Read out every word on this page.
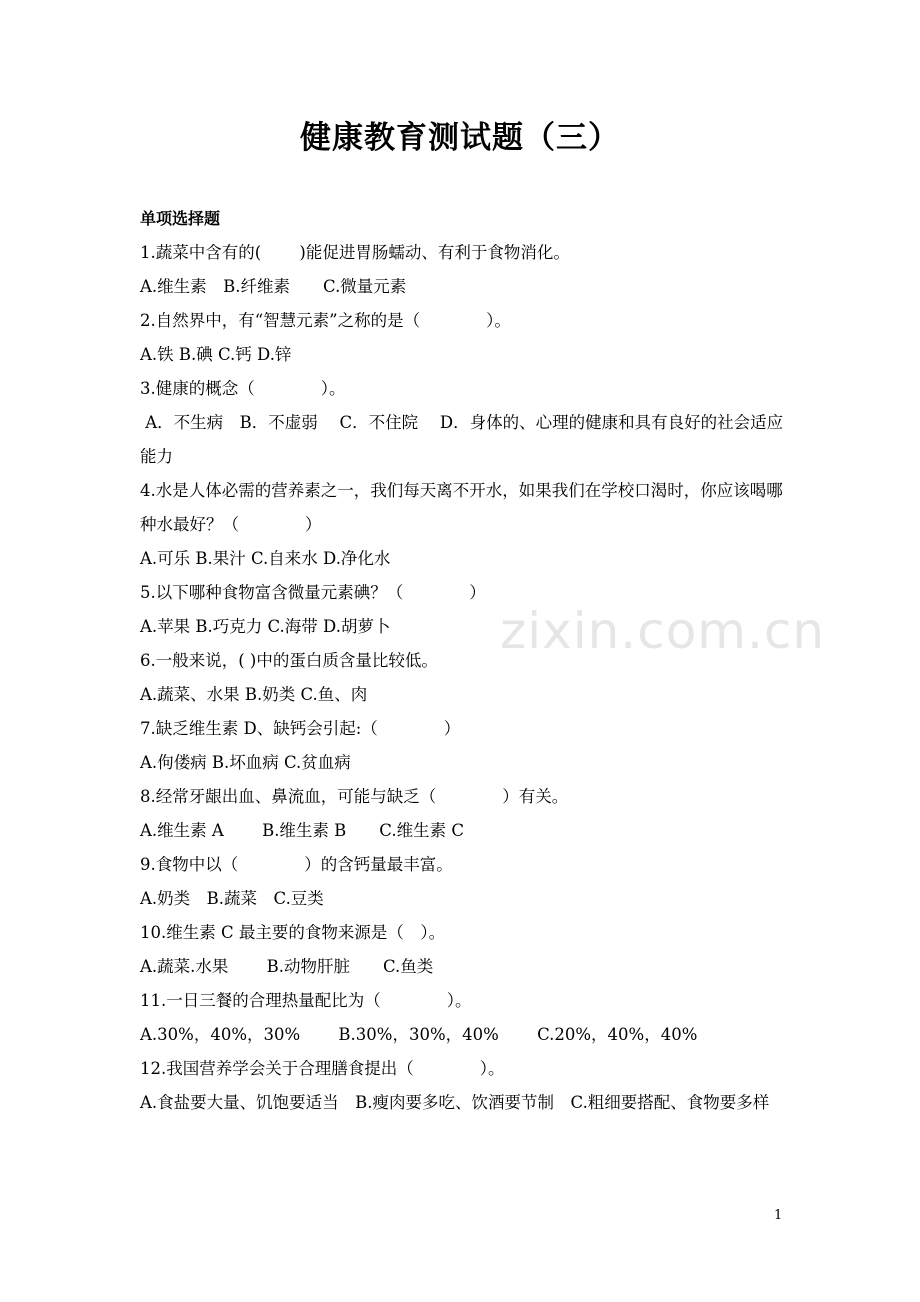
健康教育测试题（三）
单项选择题
1.蔬菜中含有的(　　 )能促进胃肠蠕动、有利于食物消化。
A.维生素　B.纤维素　　C.微量元素
2.自然界中，有“智慧元素”之称的是（　　　　）。
A.铁 B.碘 C.钙 D.锌
3.健康的概念（　　　　）。
A．不生病　B．不虚弱　 C．不住院　 D．身体的、心理的健康和具有良好的社会适应能力
4.水是人体必需的营养素之一，我们每天离不开水，如果我们在学校口渴时，你应该喝哪种水最好？（　　　　）
A.可乐 B.果汁 C.自来水 D.净化水
5.以下哪种食物富含微量元素碘？（　　　　）
A.苹果 B.巧克力 C.海带 D.胡萝卜
6.一般来说，( )中的蛋白质含量比较低。
A.蔬菜、水果 B.奶类 C.鱼、肉
7.缺乏维生素 D、缺钙会引起:（　　　　）
A.佝偻病 B.坏血病 C.贫血病
8.经常牙龈出血、鼻流血，可能与缺乏（　　　　）有关。
A.维生素 A　　 B.维生素 B　　C.维生素 C
9.食物中以（　　　　）的含钙量最丰富。
A.奶类　B.蔬菜　C.豆类
10.维生素 C 最主要的食物来源是（　）。
A.蔬菜.水果　　 B.动物肝脏　　C.鱼类
11.一日三餐的合理热量配比为（　　　　）。
A.30%，40%，30%　　 B.30%，30%，40%　　 C.20%，40%，40%
12.我国营养学会关于合理膳食提出（　　　　）。
A.食盐要大量、饥饱要适当　B.瘦肉要多吃、饮酒要节制　C.粗细要搭配、食物要多样
zixin.com.cn
1
